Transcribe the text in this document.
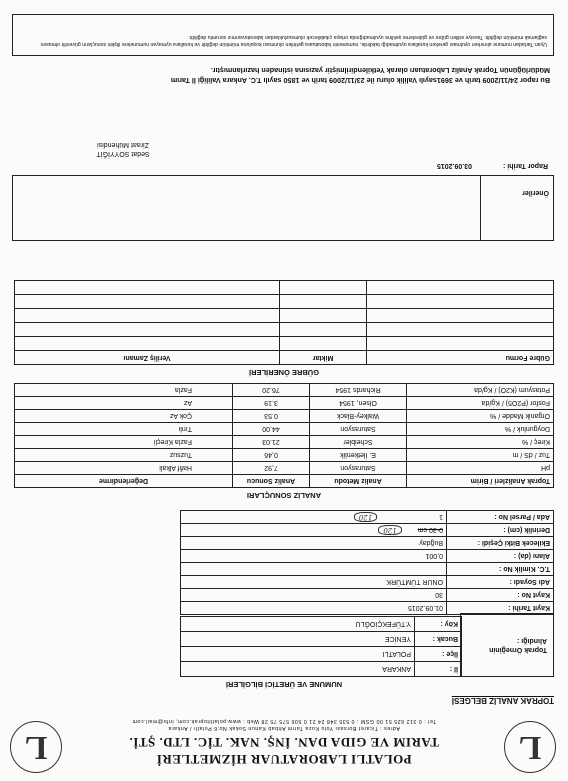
L
L	POLATLI LABORATUAR HİZMETLERİ
TARIM VE GIDA DAN. İNŞ. NAK. TİC. LTD. ŞTİ.
Adres : Ticaret Borsası Yolu Koza Tarım Ahbab Kanun Sokak No:6 Polatlı / Ankara
Tel : 0 312 625 51 00 GSM : 0 535 348 24 21 0 506 575 75 28 Web : www.polatlitoprak.com, info@mail.com
TOPRAK ANALİZ BELGESİ
NUMUNE VE ÜRETİCİ BİLGİLERİ
Toprak Örneğinin Alındığı :
İl :	ANKARA
İlçe :	POLATLI
Bucak :	YENİCE
Köy :	Y.TÜFEKÇİOĞLU
Kayıt Tarihi :	01.09.2015
Kayıt No :	30
Adı Soyadı :	ONUR TÜMTÜRK
T.C. Kimlik No :	
Alanı (da) :	0,001
Ekilecek Bitki Çeşidi :	Buğday
Derinlik (cm) :	0-30 cm 120
Ada / Parsel No :	1 120
ANALİZ SONUÇLARI
Toprak Analizleri / Birim	Analiz Metodu	Analiz Sonucu	Değerlendirme
pH	Saturasyon	7,92	Hafif Alkali
Tuz / dS / m	E. İletkenlik	0,46	Tuzsuz
Kireç / %	Scheibler	21.03	Fazla Kireçli
Doygunluk / %	Saturasyon	44.00	Tınlı
Organik Madde / %	Walkey-Black	0.53	Çok Az
Fosfor (P2O5) / Kg/da	Olsen, 1954	3.19	Az
Potasyum (K2O) / Kg/da	Richards 1954	76.20	Fazla
GÜBRE ÖNERİLERİ
Gübre Formu	Miktar	Veriliş Zamanı

Öneriler
Rapor Tarihi :
03.09.2015
Sedat SOYYİĞİT
Ziraat Mühendisi
Bu rapor 24/11/2009 tarih ve 3691sayılı Valilik oluru ile 23/11/2009 tarih ve 1850 sayılı T.C. Ankara Valiliği İl Tarım
Müdürlüğünün Toprak Analiz Laboratuarı olarak Yetkilendirilmiştir yazısına istinaden hazırlanmıştır.
Uyarı:Tarladan numune alınırken uyulması gereken kurallara uyulmadığı takdirde, numunenin laboratuara getirilen olunması koşuluna mümkün değildir ve kurallara uymayan numunelere ilişkin sonuçların güvenilir olmasını sağlamak mümkün değildir. Tavsiye edilen gübre ve gübreleme şekline uyulmadığında ortaya çıkabilecek olumsuzluklardan laboratuvarımız sorumlu değildir.
